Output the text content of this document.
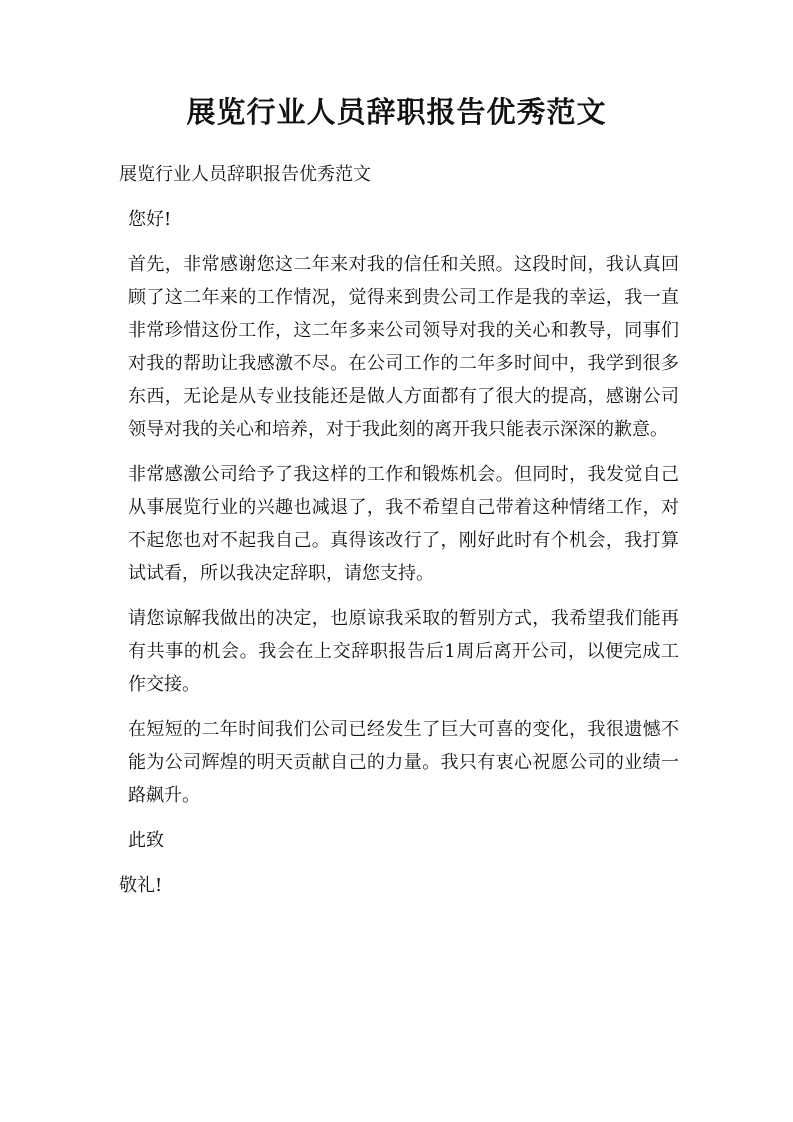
展览行业人员辞职报告优秀范文

展览行业人员辞职报告优秀范文

您好!

首先，非常感谢您这二年来对我的信任和关照。这段时间，我认真回顾了这二年来的工作情况，觉得来到贵公司工作是我的幸运，我一直非常珍惜这份工作，这二年多来公司领导对我的关心和教导，同事们对我的帮助让我感激不尽。在公司工作的二年多时间中，我学到很多东西，无论是从专业技能还是做人方面都有了很大的提高，感谢公司领导对我的关心和培养，对于我此刻的离开我只能表示深深的歉意。

非常感激公司给予了我这样的工作和锻炼机会。但同时，我发觉自己从事展览行业的兴趣也减退了，我不希望自己带着这种情绪工作，对不起您也对不起我自己。真得该改行了，刚好此时有个机会，我打算试试看，所以我决定辞职，请您支持。

请您谅解我做出的决定，也原谅我采取的暂别方式，我希望我们能再有共事的机会。我会在上交辞职报告后1周后离开公司，以便完成工作交接。

在短短的二年时间我们公司已经发生了巨大可喜的变化，我很遗憾不能为公司辉煌的明天贡献自己的力量。我只有衷心祝愿公司的业绩一路飙升。

此致

敬礼!
